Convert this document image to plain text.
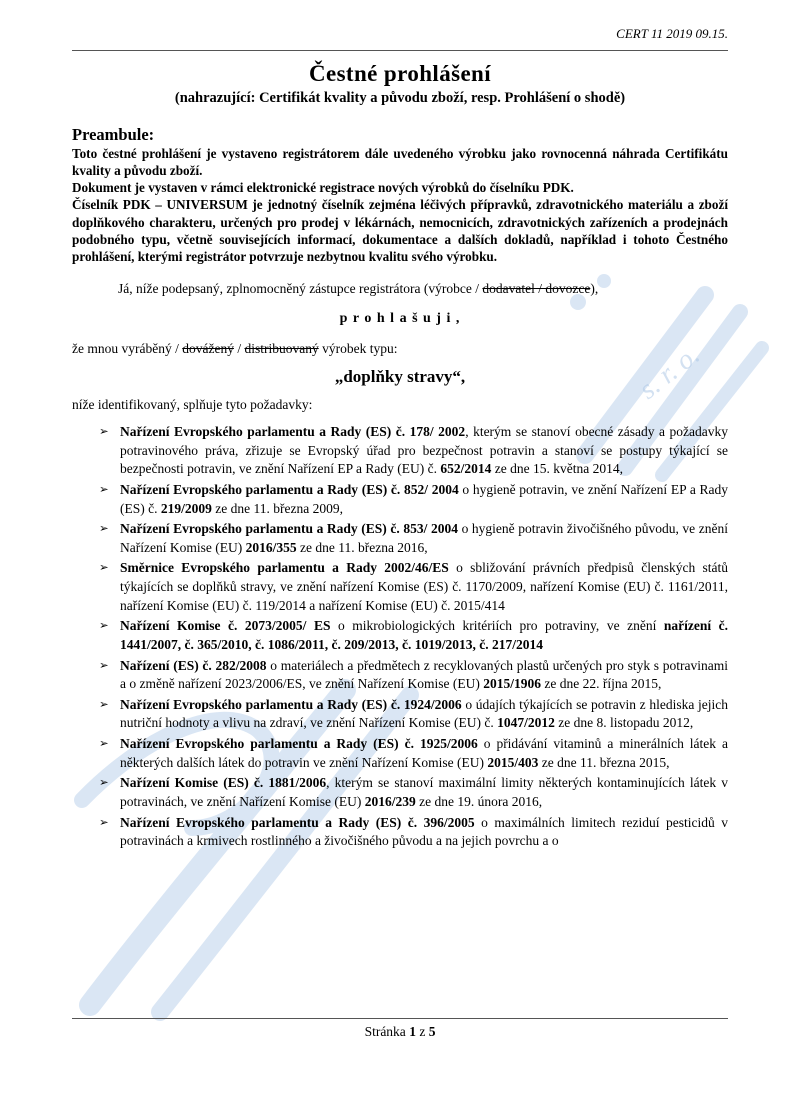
s. r. o.
CERT 11 2019 09.15.
Čestné prohlášení
(nahrazující: Certifikát kvality a původu zboží, resp. Prohlášení o shodě)
Preambule:

Toto čestné prohlášení je vystaveno registrátorem dále uvedeného výrobku jako rovnocenná náhrada Certifikátu kvality a původu zboží.

Dokument je vystaven v rámci elektronické registrace nových výrobků do číselníku PDK.

Číselník PDK – UNIVERSUM je jednotný číselník zejména léčivých přípravků, zdravotnického materiálu a zboží doplňkového charakteru, určených pro prodej v lékárnách, nemocnicích, zdravotnických zařízeních a prodejnách podobného typu, včetně souvisejících informací, dokumentace a dalších dokladů, například i tohoto Čestného prohlášení, kterými registrátor potvrzuje nezbytnou kvalitu svého výrobku.

Já, níže podepsaný, zplnomocněný zástupce registrátora (výrobce / dodavatel / dovozce),

p r o h l a š u j i ,

že mnou vyráběný / dovážený / distribuovaný výrobek typu:

„doplňky stravy“,

níže identifikovaný, splňuje tyto požadavky:

➢ Nařízení Evropského parlamentu a Rady (ES) č. 178/ 2002, kterým se stanoví obecné zásady a požadavky potravinového práva, zřizuje se Evropský úřad pro bezpečnost potravin a stanoví se postupy týkající se bezpečnosti potravin, ve znění Nařízení EP a Rady (EU) č. 652/2014 ze dne 15. května 2014,
➢ Nařízení Evropského parlamentu a Rady (ES) č. 852/ 2004 o hygieně potravin, ve znění Nařízení EP a Rady (ES) č. 219/2009 ze dne 11. března 2009,
➢ Nařízení Evropského parlamentu a Rady (ES) č. 853/ 2004 o hygieně potravin živočišného původu, ve znění Nařízení Komise (EU) 2016/355 ze dne 11. března 2016,
➢ Směrnice Evropského parlamentu a Rady 2002/46/ES o sbližování právních předpisů členských států týkajících se doplňků stravy, ve znění nařízení Komise (ES) č. 1170/2009, nařízení Komise (EU) č. 1161/2011, nařízení Komise (EU) č. 119/2014 a nařízení Komise (EU) č. 2015/414
➢ Nařízení Komise č. 2073/2005/ ES o mikrobiologických kritériích pro potraviny, ve znění nařízení č. 1441/2007, č. 365/2010, č. 1086/2011, č. 209/2013, č. 1019/2013, č. 217/2014
➢ Nařízení (ES) č. 282/2008 o materiálech a předmětech z recyklovaných plastů určených pro styk s potravinami a o změně nařízení 2023/2006/ES, ve znění Nařízení Komise (EU) 2015/1906 ze dne 22. října 2015,
➢ Nařízení Evropského parlamentu a Rady (ES) č. 1924/2006 o údajích týkajících se potravin z hlediska jejich nutriční hodnoty a vlivu na zdraví, ve znění Nařízení Komise (EU) č. 1047/2012 ze dne 8. listopadu 2012,
➢ Nařízení Evropského parlamentu a Rady (ES) č. 1925/2006 o přidávání vitaminů a minerálních látek a některých dalších látek do potravin ve znění Nařízení Komise (EU) 2015/403 ze dne 11. března 2015,
➢ Nařízení Komise (ES) č. 1881/2006, kterým se stanoví maximální limity některých kontaminujících látek v potravinách, ve znění Nařízení Komise (EU) 2016/239 ze dne 19. února 2016,
➢ Nařízení Evropského parlamentu a Rady (ES) č. 396/2005 o maximálních limitech reziduí pesticidů v potravinách a krmivech rostlinného a živočišného původu a na jejich povrchu a o
Stránka 1 z 5
